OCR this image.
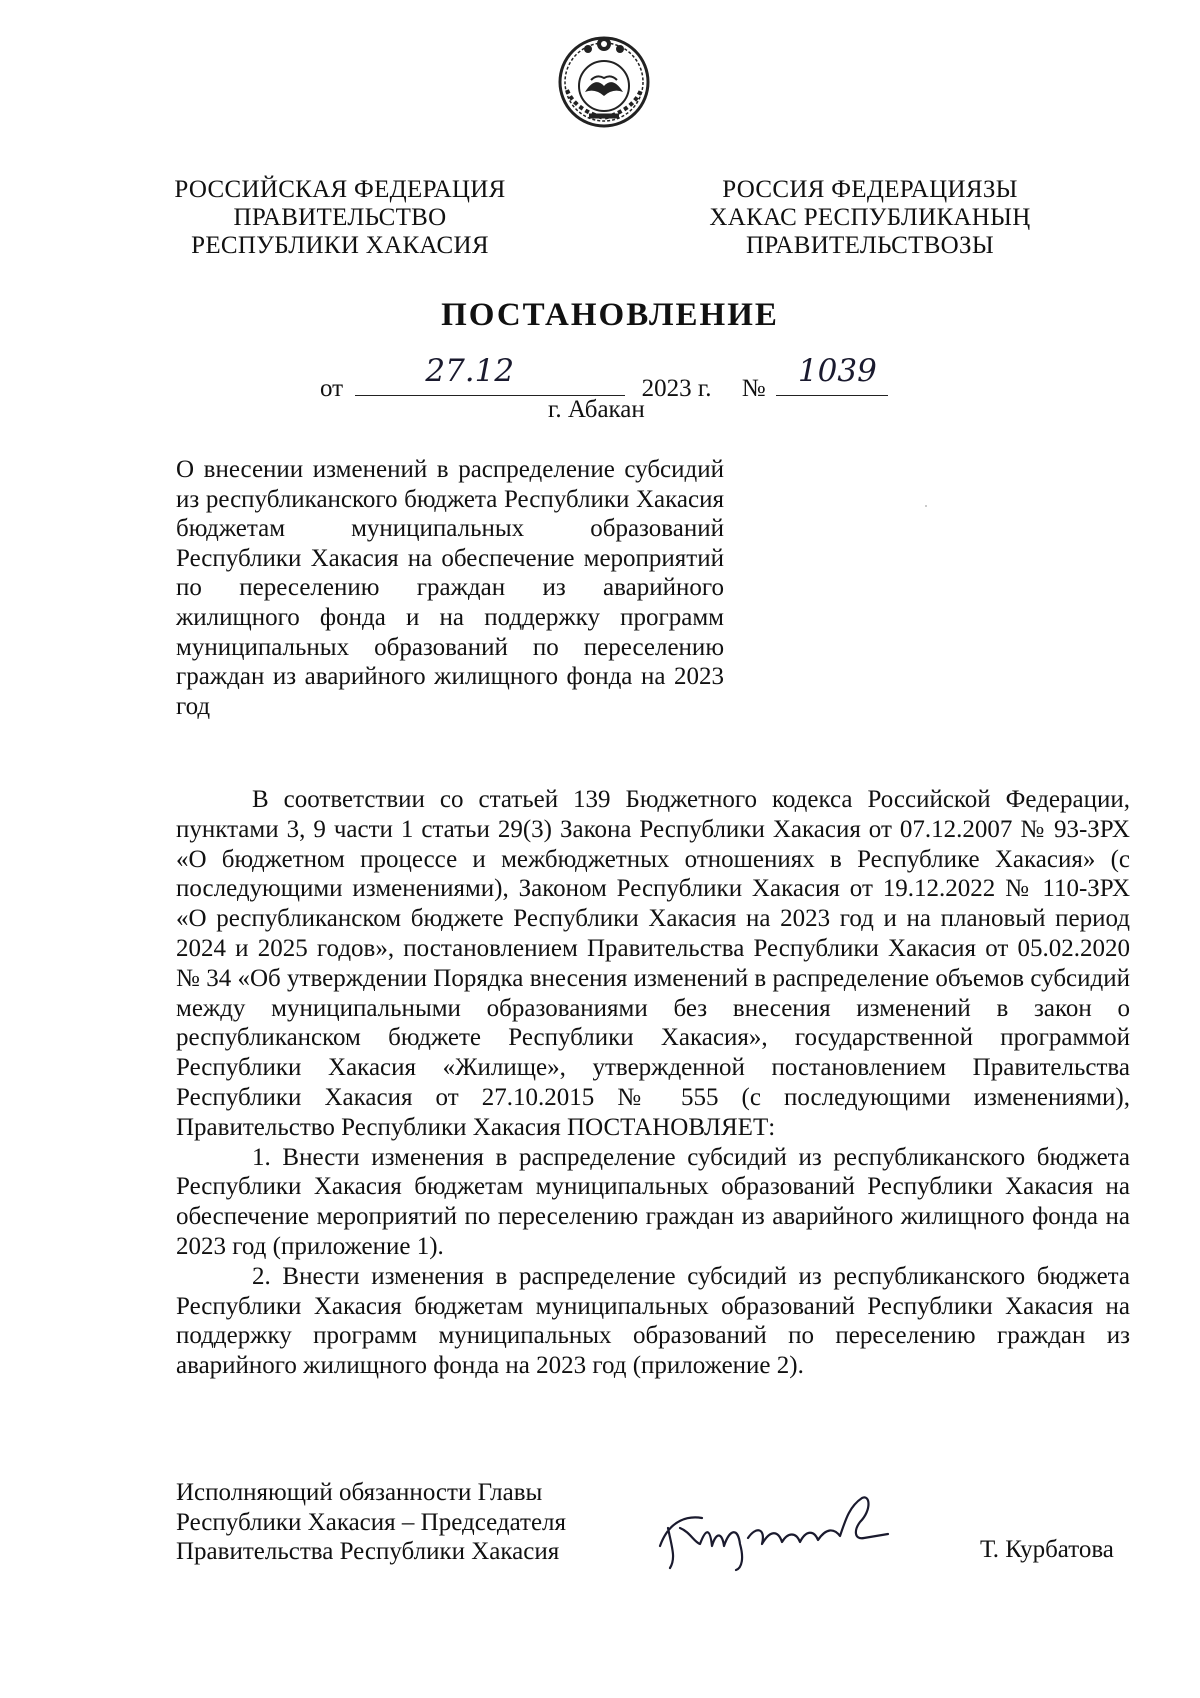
РОССИЙСКАЯ ФЕДЕРАЦИЯ
ПРАВИТЕЛЬСТВО
РЕСПУБЛИКИ ХАКАСИЯ
РОССИЯ ФЕДЕРАЦИЯЗЫ
ХАКАС РЕСПУБЛИКАНЫҢ
ПРАВИТЕЛЬСТВОЗЫ
ПОСТАНОВЛЕНИЕ
от	27.12	2023 г. № 1039
г. Абакан
О внесении изменений в распределение субсидий из республиканского бюджета Республики Хакасия бюджетам муниципальных образований Республики Хакасия на обеспечение мероприятий по переселению граждан из аварийного жилищного фонда и на поддержку программ муниципальных образований по переселению граждан из аварийного жилищного фонда на 2023 год

В соответствии со статьей 139 Бюджетного кодекса Российской Федерации, пунктами 3, 9 части 1 статьи 29(3) Закона Республики Хакасия от 07.12.2007 № 93-ЗРХ «О бюджетном процессе и межбюджетных отношениях в Республике Хакасия» (с последующими изменениями), Законом Республики Хакасия от 19.12.2022 № 110-ЗРХ «О республиканском бюджете Республики Хакасия на 2023 год и на плановый период 2024 и 2025 годов», постановлением Правительства Республики Хакасия от 05.02.2020 № 34 «Об утверждении Порядка внесения изменений в распределение объемов субсидий между муниципальными образованиями без внесения изменений в закон о республиканском бюджете Республики Хакасия», государственной программой Республики Хакасия «Жилище», утвержденной постановлением Правительства Республики Хакасия от 27.10.2015 № 555 (с последующими изменениями), Правительство Республики Хакасия ПОСТАНОВЛЯЕТ:

1. Внести изменения в распределение субсидий из республиканского бюджета Республики Хакасия бюджетам муниципальных образований Республики Хакасия на обеспечение мероприятий по переселению граждан из аварийного жилищного фонда на 2023 год (приложение 1).

2. Внести изменения в распределение субсидий из республиканского бюджета Республики Хакасия бюджетам муниципальных образований Республики Хакасия на поддержку программ муниципальных образований по переселению граждан из аварийного жилищного фонда на 2023 год (приложение 2).

Исполняющий обязанности Главы
Республики Хакасия – Председателя
Правительства Республики Хакасия	Т. Курбатова
